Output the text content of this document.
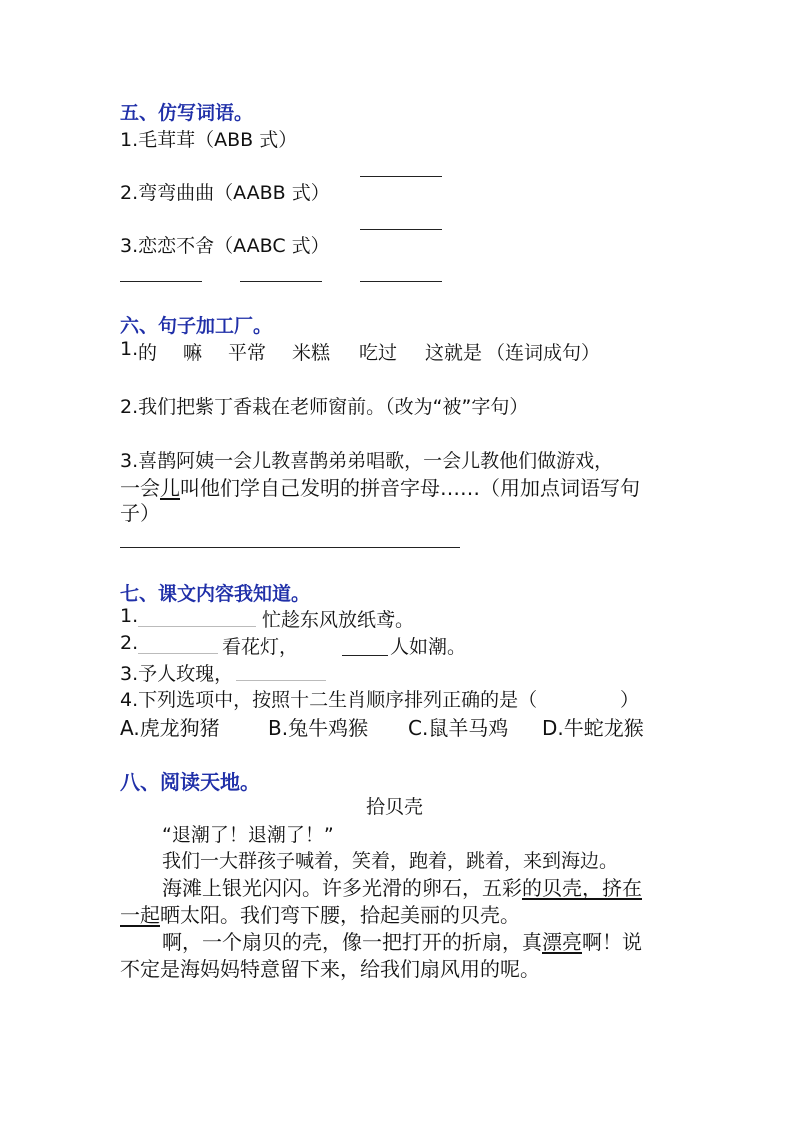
五、仿写词语。
1.毛茸茸（ABB 式）
2.弯弯曲曲（AABB 式）
3.恋恋不舍（AABC 式）
六、句子加工厂。
1. 的 嘛 平常 米糕 吃过 这就是 （连词成句）
2.我们把紫丁香栽在老师窗前。（改为“被”字句）
3.喜鹊阿姨一会儿教喜鹊弟弟唱歌，一会儿教他们做游戏，
一会儿叫他们学自己发明的拼音字母……（用加点词语写句
子）
七、课文内容我知道。
1.	忙趁东风放纸鸢。
2.	看花灯，	人如潮。
3.予人玫瑰，
4.下列选项中，按照十二生肖顺序排列正确的是（	）
A.虎龙狗猪 B.兔牛鸡猴 C.鼠羊马鸡 D.牛蛇龙猴
八、阅读天地。
拾贝壳
“退潮了！退潮了！”
我们一大群孩子喊着，笑着，跑着，跳着，来到海边。
海滩上银光闪闪。许多光滑的卵石，五彩的贝壳，挤在
一起晒太阳。我们弯下腰，拾起美丽的贝壳。
啊，一个扇贝的壳，像一把打开的折扇，真漂亮啊！说
不定是海妈妈特意留下来，给我们扇风用的呢。
